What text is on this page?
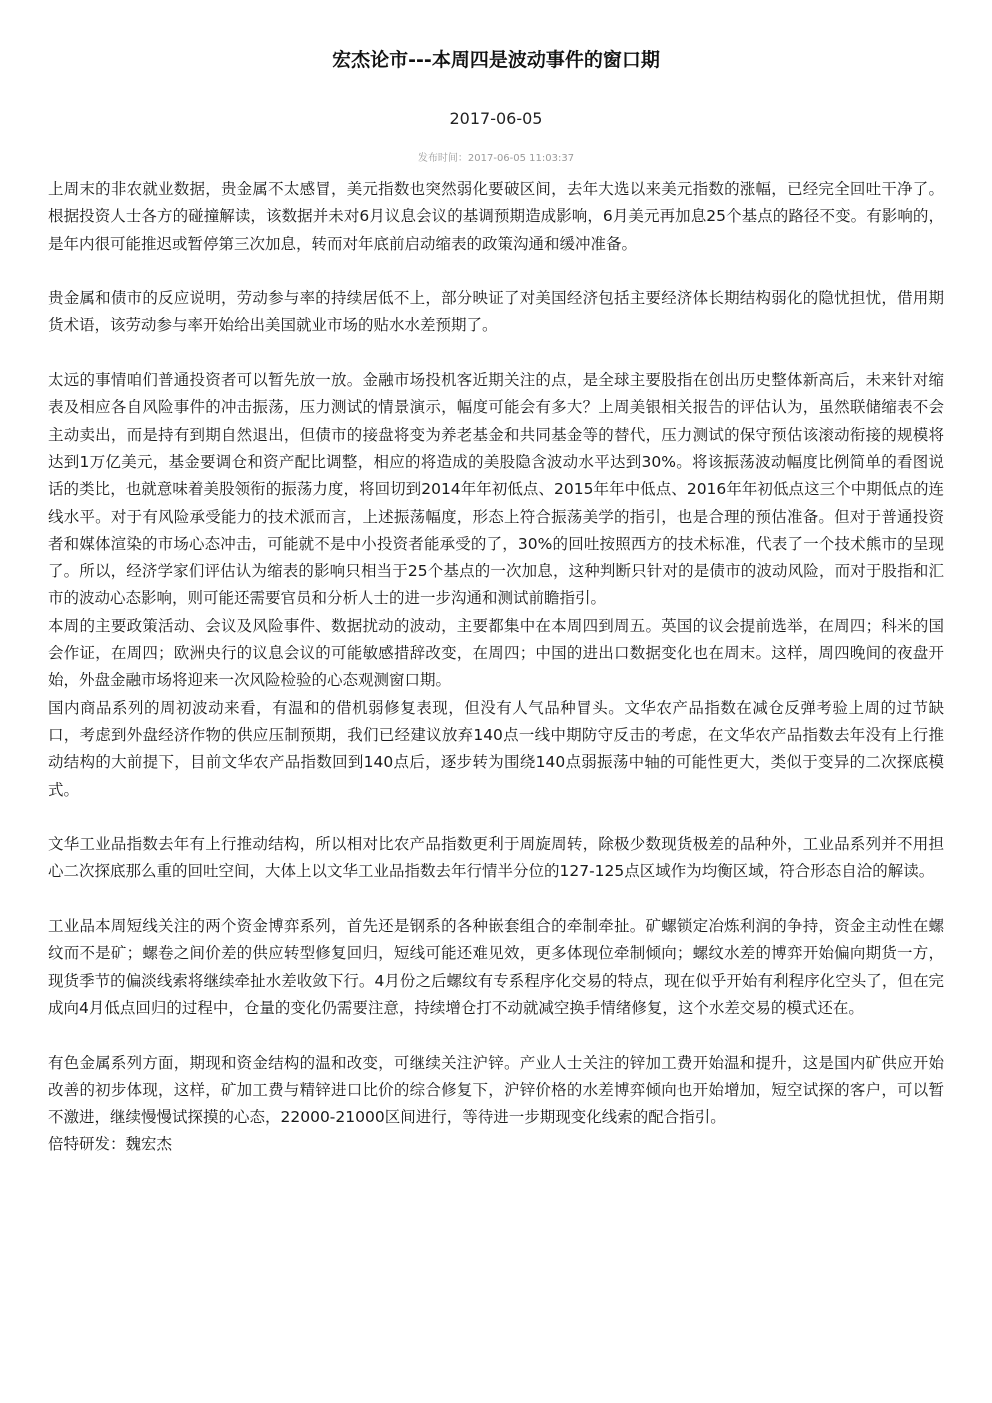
宏杰论市---本周四是波动事件的窗口期
2017-06-05
发布时间：2017-06-05 11:03:37

上周末的非农就业数据，贵金属不太感冒，美元指数也突然弱化要破区间，去年大选以来美元指数的涨幅，已经完全回吐干净了。根据投资人士各方的碰撞解读，该数据并未对6月议息会议的基调预期造成影响，6月美元再加息25个基点的路径不变。有影响的，是年内很可能推迟或暂停第三次加息，转而对年底前启动缩表的政策沟通和缓冲准备。

贵金属和债市的反应说明，劳动参与率的持续居低不上，部分映证了对美国经济包括主要经济体长期结构弱化的隐忧担忧，借用期货术语，该劳动参与率开始给出美国就业市场的贴水水差预期了。

太远的事情咱们普通投资者可以暂先放一放。金融市场投机客近期关注的点，是全球主要股指在创出历史整体新高后，未来针对缩表及相应各自风险事件的冲击振荡，压力测试的情景演示，幅度可能会有多大？上周美银相关报告的评估认为，虽然联储缩表不会主动卖出，而是持有到期自然退出，但债市的接盘将变为养老基金和共同基金等的替代，压力测试的保守预估该滚动衔接的规模将达到1万亿美元，基金要调仓和资产配比调整，相应的将造成的美股隐含波动水平达到30%。将该振荡波动幅度比例简单的看图说话的类比，也就意味着美股领衔的振荡力度，将回切到2014年年初低点、2015年年中低点、2016年年初低点这三个中期低点的连线水平。对于有风险承受能力的技术派而言，上述振荡幅度，形态上符合振荡美学的指引，也是合理的预估准备。但对于普通投资者和媒体渲染的市场心态冲击，可能就不是中小投资者能承受的了，30%的回吐按照西方的技术标准，代表了一个技术熊市的呈现了。所以，经济学家们评估认为缩表的影响只相当于25个基点的一次加息，这种判断只针对的是债市的波动风险，而对于股指和汇市的波动心态影响，则可能还需要官员和分析人士的进一步沟通和测试前瞻指引。

本周的主要政策活动、会议及风险事件、数据扰动的波动，主要都集中在本周四到周五。英国的议会提前选举，在周四；科米的国会作证，在周四；欧洲央行的议息会议的可能敏感措辞改变，在周四；中国的进出口数据变化也在周末。这样，周四晚间的夜盘开始，外盘金融市场将迎来一次风险检验的心态观测窗口期。

国内商品系列的周初波动来看，有温和的借机弱修复表现，但没有人气品种冒头。文华农产品指数在减仓反弹考验上周的过节缺口，考虑到外盘经济作物的供应压制预期，我们已经建议放弃140点一线中期防守反击的考虑，在文华农产品指数去年没有上行推动结构的大前提下，目前文华农产品指数回到140点后，逐步转为围绕140点弱振荡中轴的可能性更大，类似于变异的二次探底模式。

文华工业品指数去年有上行推动结构，所以相对比农产品指数更利于周旋周转，除极少数现货极差的品种外，工业品系列并不用担心二次探底那么重的回吐空间，大体上以文华工业品指数去年行情半分位的127-125点区域作为均衡区域，符合形态自洽的解读。

工业品本周短线关注的两个资金博弈系列，首先还是钢系的各种嵌套组合的牵制牵扯。矿螺锁定冶炼利润的争持，资金主动性在螺纹而不是矿；螺卷之间价差的供应转型修复回归，短线可能还难见效，更多体现位牵制倾向；螺纹水差的博弈开始偏向期货一方，现货季节的偏淡线索将继续牵扯水差收敛下行。4月份之后螺纹有专系程序化交易的特点，现在似乎开始有利程序化空头了，但在完成向4月低点回归的过程中，仓量的变化仍需要注意，持续增仓打不动就减空换手情绪修复，这个水差交易的模式还在。

有色金属系列方面，期现和资金结构的温和改变，可继续关注沪锌。产业人士关注的锌加工费开始温和提升，这是国内矿供应开始改善的初步体现，这样，矿加工费与精锌进口比价的综合修复下，沪锌价格的水差博弈倾向也开始增加，短空试探的客户，可以暂不激进，继续慢慢试探摸的心态，22000-21000区间进行，等待进一步期现变化线索的配合指引。

倍特研发：魏宏杰
